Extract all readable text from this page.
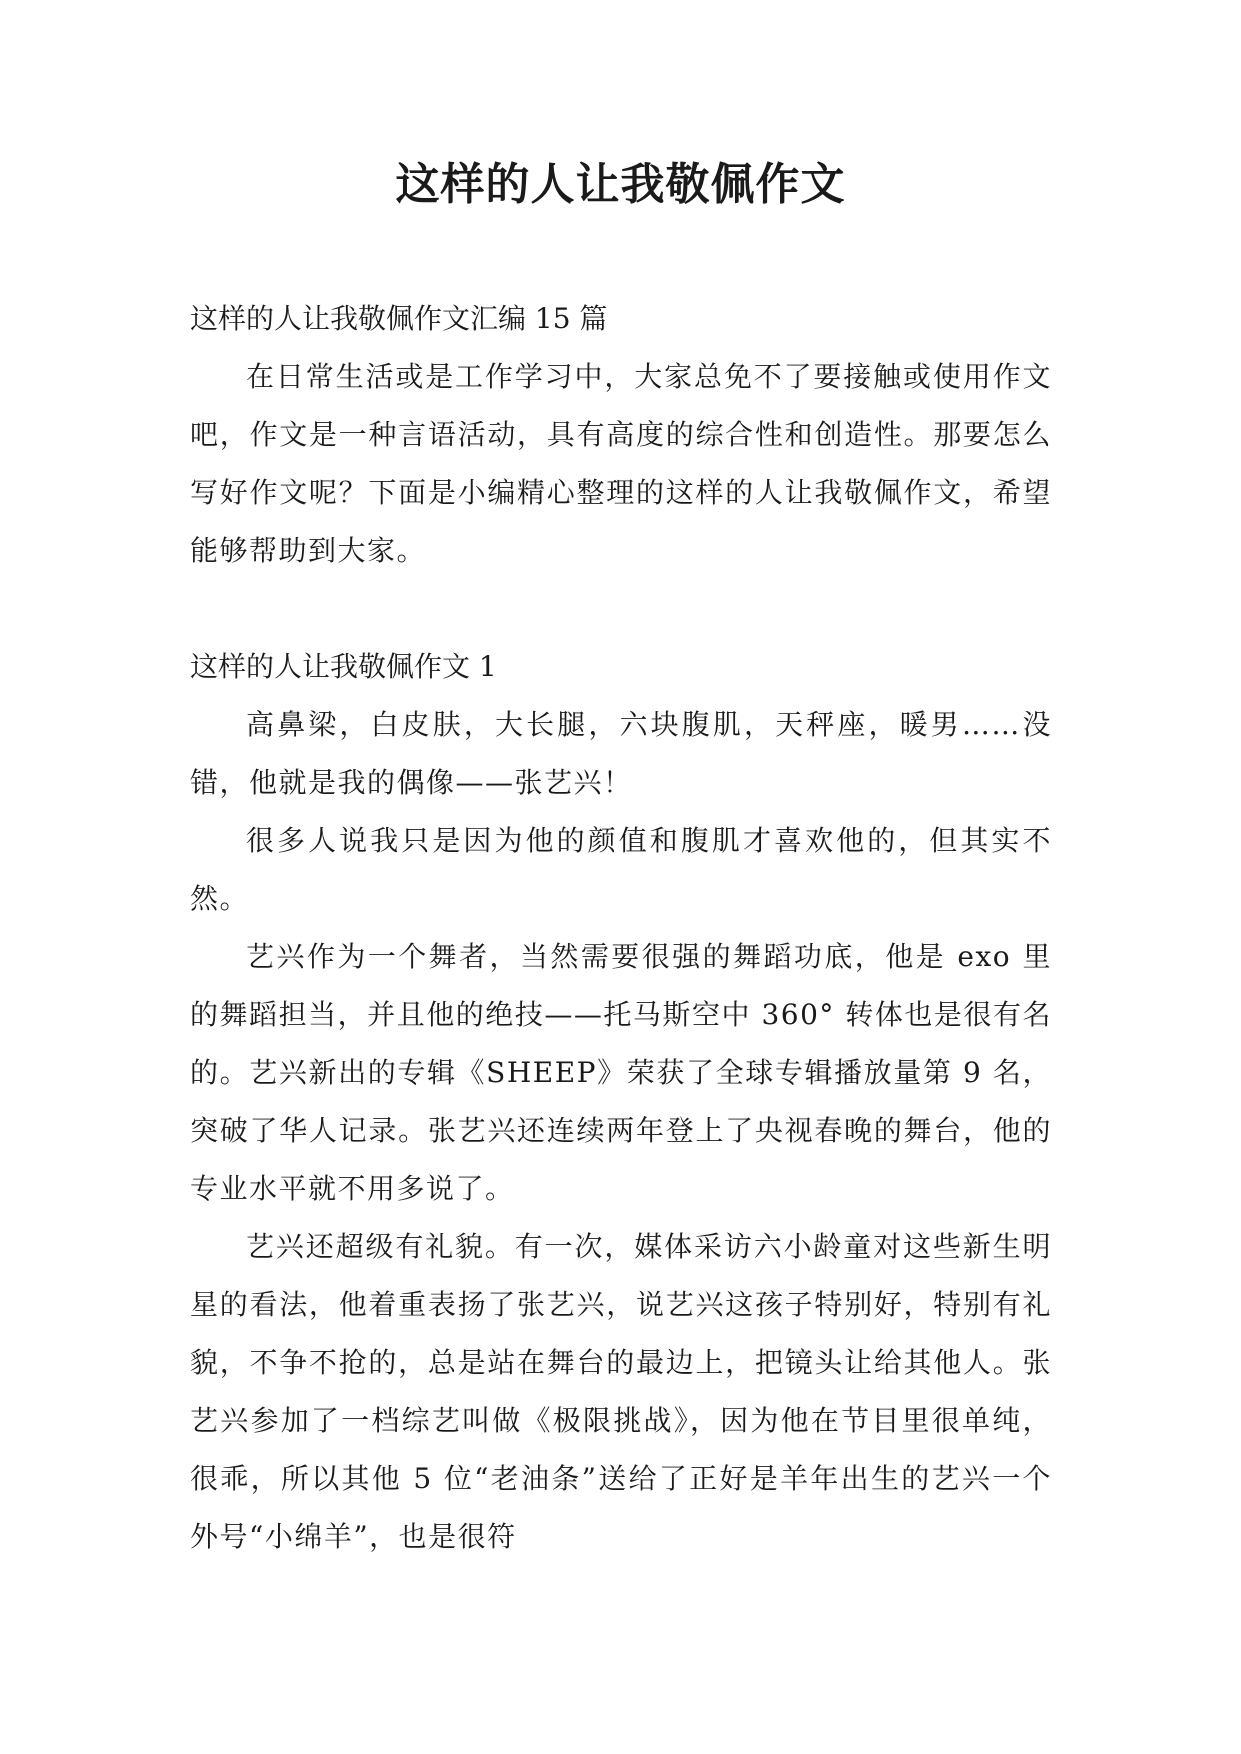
这样的人让我敬佩作文

这样的人让我敬佩作文汇编 15 篇

在日常生活或是工作学习中，大家总免不了要接触或使用作文吧，作文是一种言语活动，具有高度的综合性和创造性。那要怎么写好作文呢？下面是小编精心整理的这样的人让我敬佩作文，希望能够帮助到大家。

这样的人让我敬佩作文 1

高鼻梁，白皮肤，大长腿，六块腹肌，天秤座，暖男……没错，他就是我的偶像——张艺兴！

很多人说我只是因为他的颜值和腹肌才喜欢他的，但其实不然。

艺兴作为一个舞者，当然需要很强的舞蹈功底，他是 exo 里的舞蹈担当，并且他的绝技——托马斯空中 360° 转体也是很有名的。艺兴新出的专辑《SHEEP》荣获了全球专辑播放量第 9 名，突破了华人记录。张艺兴还连续两年登上了央视春晚的舞台，他的专业水平就不用多说了。

艺兴还超级有礼貌。有一次，媒体采访六小龄童对这些新生明星的看法，他着重表扬了张艺兴，说艺兴这孩子特别好，特别有礼貌，不争不抢的，总是站在舞台的最边上，把镜头让给其他人。张艺兴参加了一档综艺叫做《极限挑战》，因为他在节目里很单纯，很乖，所以其他 5 位“老油条”送给了正好是羊年出生的艺兴一个外号“小绵羊”，也是很符
